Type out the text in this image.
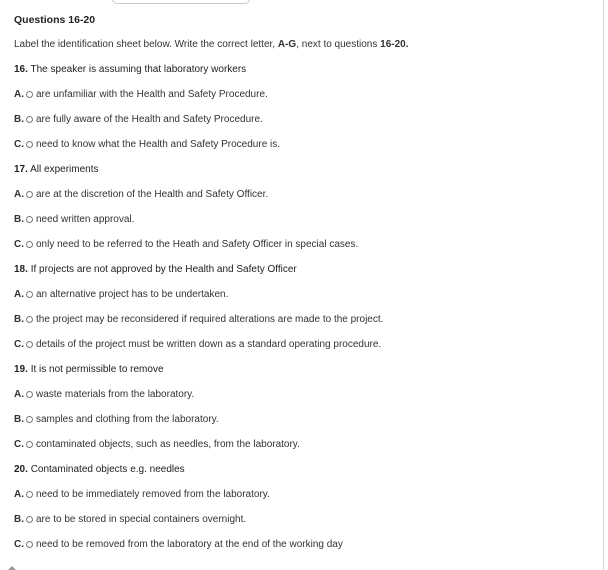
Questions 16-20
Label the identification sheet below. Write the correct letter, A-G, next to questions 16-20.
16. The speaker is assuming that laboratory workers
A. are unfamiliar with the Health and Safety Procedure.
B. are fully aware of the Health and Safety Procedure.
C. need to know what the Health and Safety Procedure is.
17. All experiments
A. are at the discretion of the Health and Safety Officer.
B. need written approval.
C. only need to be referred to the Heath and Safety Officer in special cases.
18. If projects are not approved by the Health and Safety Officer
A. an alternative project has to be undertaken.
B. the project may be reconsidered if required alterations are made to the project.
C. details of the project must be written down as a standard operating procedure.
19. It is not permissible to remove
A. waste materials from the laboratory.
B. samples and clothing from the laboratory.
C. contaminated objects, such as needles, from the laboratory.
20. Contaminated objects e.g. needles
A. need to be immediately removed from the laboratory.
B. are to be stored in special containers overnight.
C. need to be removed from the laboratory at the end of the working day
